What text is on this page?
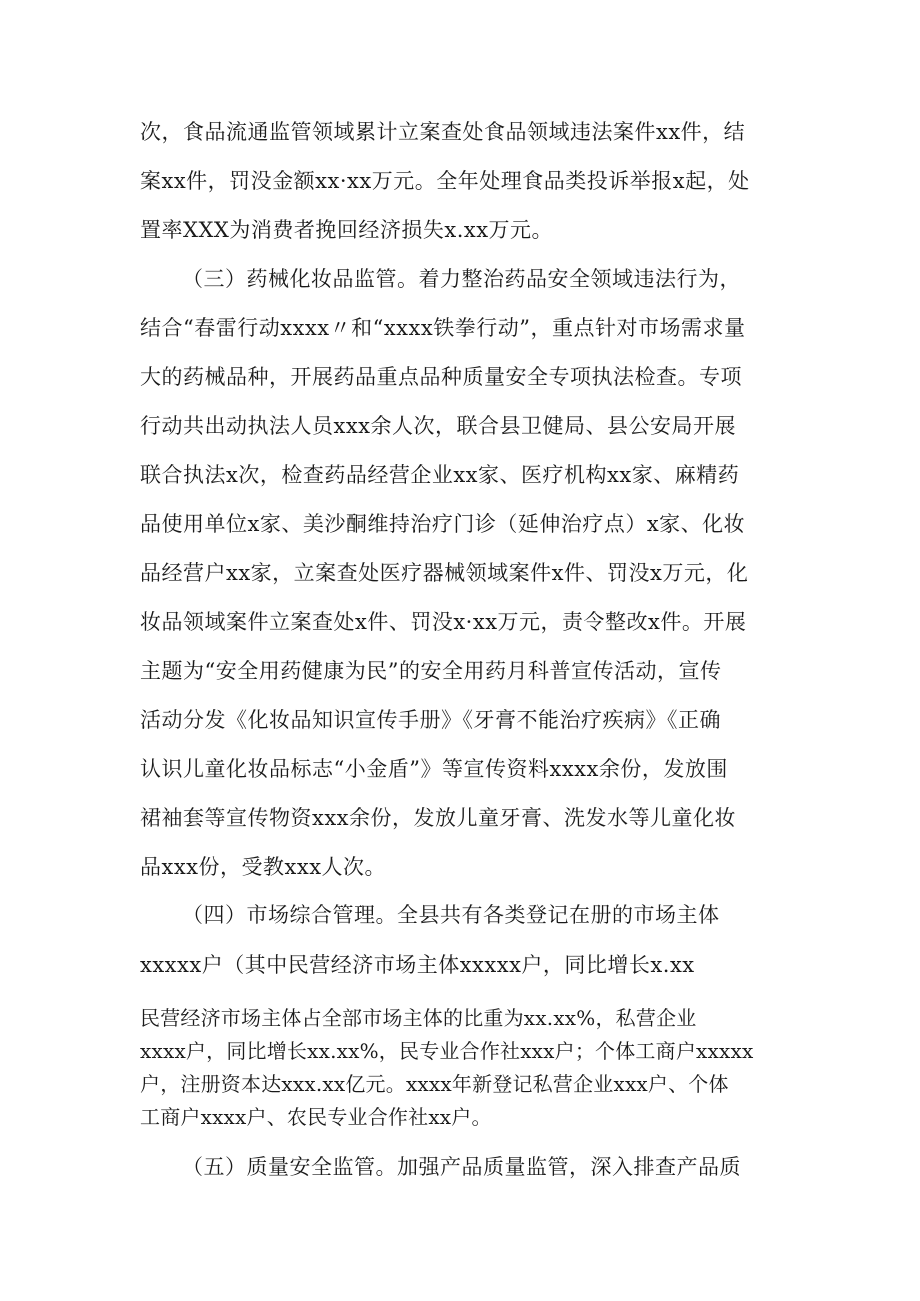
次，食品流通监管领域累计立案查处食品领域违法案件xx件，结
案xx件，罚没金额xx·xx万元。全年处理食品类投诉举报x起，处
置率XXX为消费者挽回经济损失x.xx万元。
（三）药械化妆品监管。着力整治药品安全领域违法行为，
结合“春雷行动xxxx〃和“xxxx铁拳行动”，重点针对市场需求量
大的药械品种，开展药品重点品种质量安全专项执法检查。专项
行动共出动执法人员xxx余人次，联合县卫健局、县公安局开展
联合执法x次，检查药品经营企业xx家、医疗机构xx家、麻精药
品使用单位x家、美沙酮维持治疗门诊（延伸治疗点）x家、化妆
品经营户xx家，立案查处医疗器械领域案件x件、罚没x万元，化
妆品领域案件立案查处x件、罚没x·xx万元，责令整改x件。开展
主题为“安全用药健康为民”的安全用药月科普宣传活动，宣传
活动分发《化妆品知识宣传手册》《牙膏不能治疗疾病》《正确
认识儿童化妆品标志“小金盾”》等宣传资料xxxx余份，发放围
裙袖套等宣传物资xxx余份，发放儿童牙膏、洗发水等儿童化妆
品xxx份，受教xxx人次。
（四）市场综合管理。全县共有各类登记在册的市场主体
xxxxx户（其中民营经济市场主体xxxxx户，同比增长x.xx
民营经济市场主体占全部市场主体的比重为xx.xx%，私营企业
xxxx户，同比增长xx.xx%，民专业合作社xxx户；个体工商户xxxxx
户，注册资本达xxx.xx亿元。xxxx年新登记私营企业xxx户、个体
工商户xxxx户、农民专业合作社xx户。
（五）质量安全监管。加强产品质量监管，深入排查产品质
